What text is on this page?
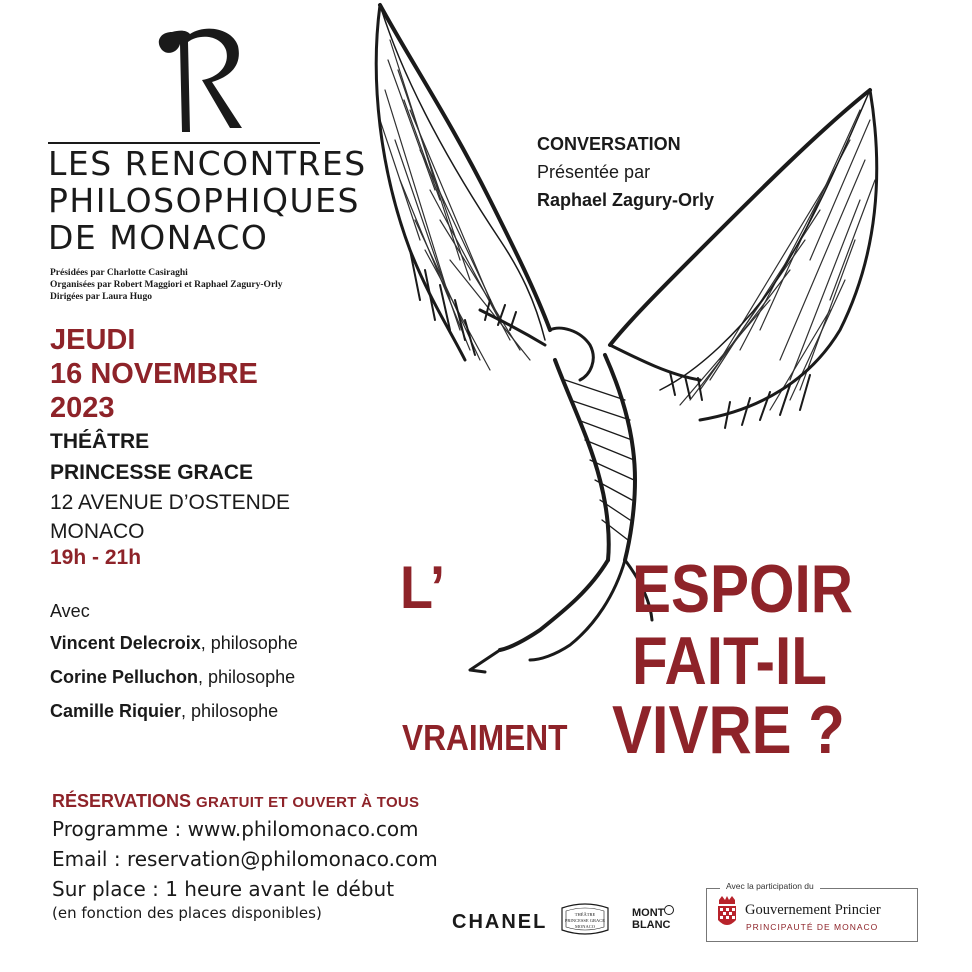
LES RENCONTRES
PHILOSOPHIQUES
DE MONACO
Présidées par Charlotte Casiraghi
Organisées par Robert Maggiori et Raphael Zagury-Orly
Dirigées par Laura Hugo
JEUDI
16 NOVEMBRE
2023
THÉÂTRE
PRINCESSE GRACE
12 AVENUE D’OSTENDE
MONACO
19h - 21h
Avec
Vincent Delecroix, philosophe
Corine Pelluchon, philosophe
Camille Riquier, philosophe
CONVERSATION
Présentée par
Raphael Zagury-Orly
L’	ESPOIR
FAIT-IL
VRAIMENT VIVRE ?
RÉSERVATIONS GRATUIT ET OUVERT À TOUS
Programme : www.philomonaco.com
Email : reservation@philomonaco.com
Sur place : 1 heure avant le début
(en fonction des places disponibles)	CHANEL	THÉÂTRE
PRINCESSE GRACE
MONACO
MONT
BLANC
Avec la participation du
Gouvernement Princier
PRINCIPAUTÉ DE MONACO
